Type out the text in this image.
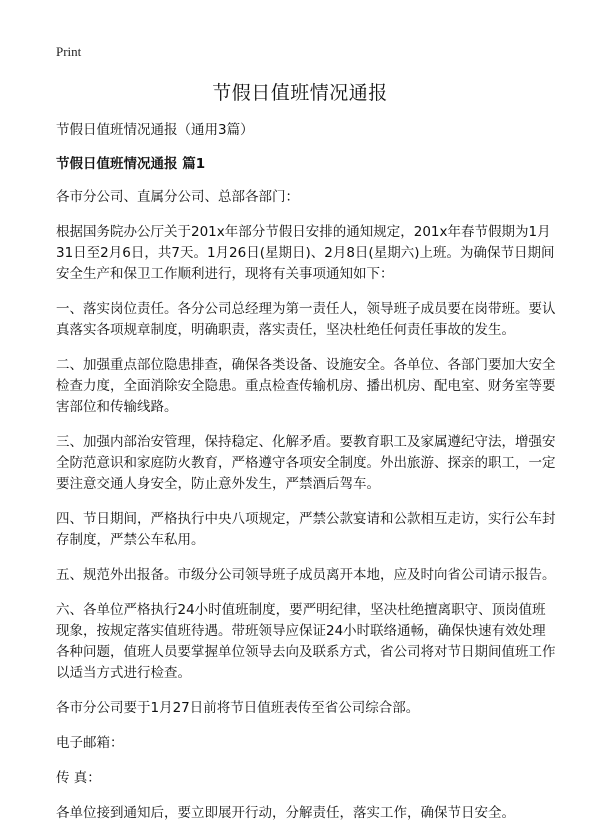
Print
节假日值班情况通报

节假日值班情况通报（通用3篇）

节假日值班情况通报 篇1

各市分公司、直属分公司、总部各部门：

根据国务院办公厅关于201x年部分节假日安排的通知规定，201x年春节假期为1月31日至2月6日，共7天。1月26日(星期日)、2月8日(星期六)上班。为确保节日期间安全生产和保卫工作顺利进行，现将有关事项通知如下：

一、落实岗位责任。各分公司总经理为第一责任人，领导班子成员要在岗带班。要认真落实各项规章制度，明确职责，落实责任，坚决杜绝任何责任事故的发生。

二、加强重点部位隐患排查，确保各类设备、设施安全。各单位、各部门要加大安全检查力度，全面消除安全隐患。重点检查传输机房、播出机房、配电室、财务室等要害部位和传输线路。

三、加强内部治安管理，保持稳定、化解矛盾。要教育职工及家属遵纪守法，增强安全防范意识和家庭防火教育，严格遵守各项安全制度。外出旅游、探亲的职工，一定要注意交通人身安全，防止意外发生，严禁酒后驾车。

四、节日期间，严格执行中央八项规定，严禁公款宴请和公款相互走访，实行公车封存制度，严禁公车私用。

五、规范外出报备。市级分公司领导班子成员离开本地，应及时向省公司请示报告。

六、各单位严格执行24小时值班制度，要严明纪律，坚决杜绝擅离职守、顶岗值班现象，按规定落实值班待遇。带班领导应保证24小时联络通畅，确保快速有效处理各种问题，值班人员要掌握单位领导去向及联系方式，省公司将对节日期间值班工作以适当方式进行检查。

各市分公司要于1月27日前将节日值班表传至省公司综合部。

电子邮箱：

传 真：

各单位接到通知后，要立即展开行动，分解责任，落实工作，确保节日安全。
